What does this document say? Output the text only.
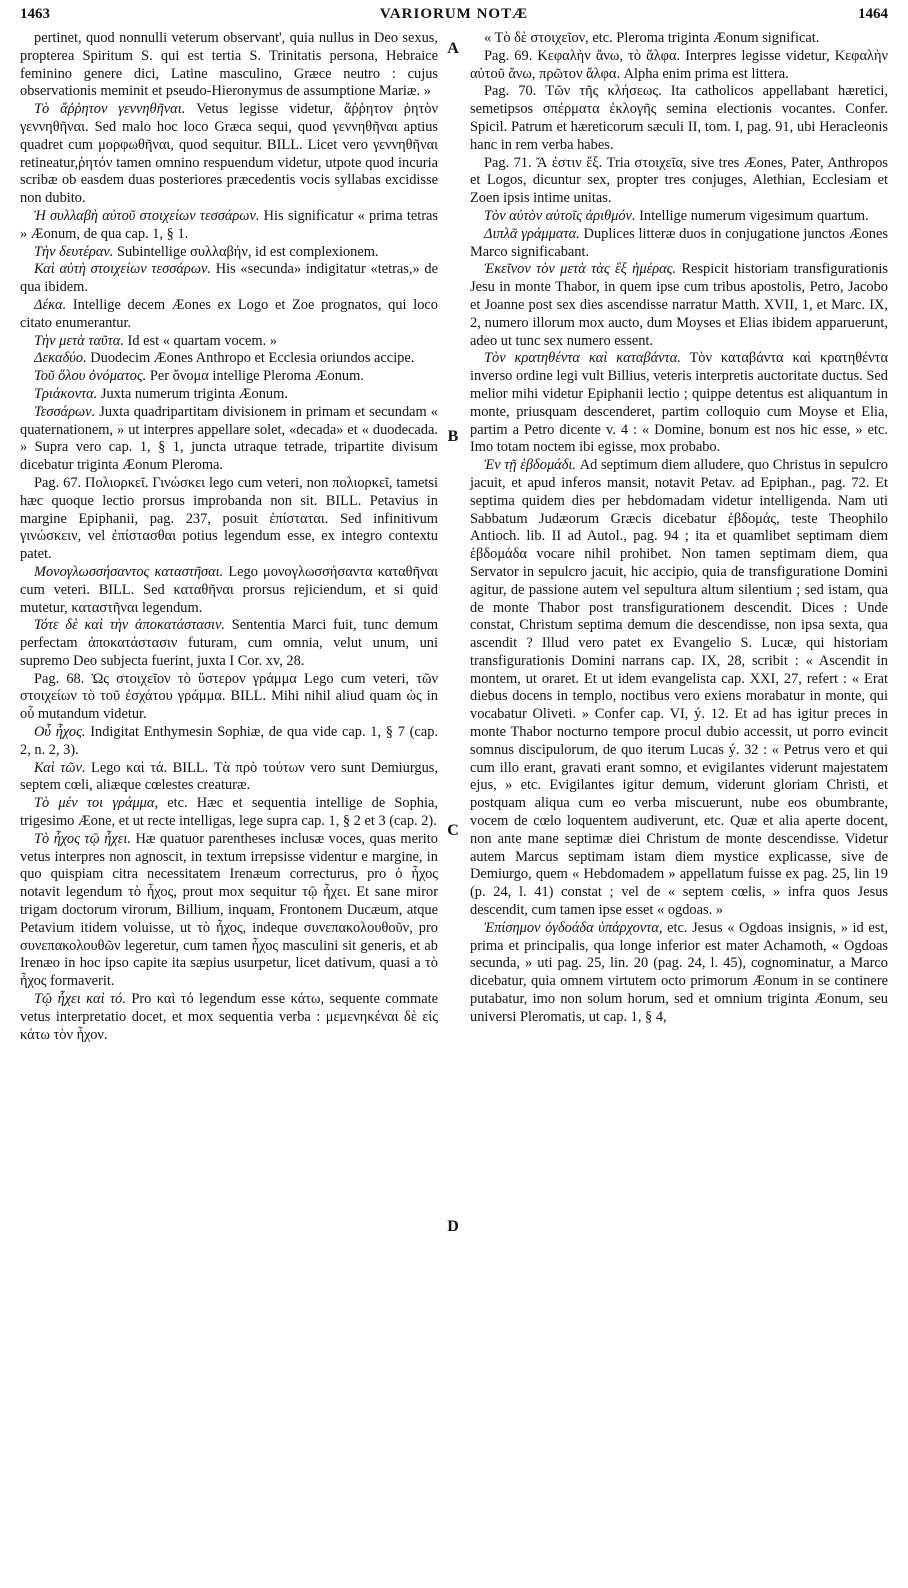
1463	VARIORUM NOTÆ	1464
A
B
C
D

pertinet, quod nonnulli veterum observant', quia nullus in Deo sexus, propterea Spiritum S. qui est tertia S. Trinitatis persona, Hebraice feminino genere dici, Latine masculino, Græce neutro : cujus observationis meminit et pseudo-Hieronymus de assumptione Mariæ. »

Τὸ ἄῤῥητον γεννηθῆναι. Vetus legisse videtur, ἄῤῥητον ῥητὸν γεννηθῆναι. Sed malo hoc loco Græca sequi, quod γεννηθῆναι aptius quadret cum μορφωθῆναι, quod sequitur. BILL. Licet vero γεννηθῆναι retineatur,ῥητόν tamen omnino respuendum videtur, utpote quod incuria scribæ ob easdem duas posteriores præcedentis vocis syllabas excidisse non dubito.

Ἡ συλλαβὴ αὐτοῦ στοιχείων τεσσάρων. His significatur « prima tetras » Æonum, de qua cap. 1, § 1.

Τὴν δευτέραν. Subintellige συλλαβήν, id est complexionem.

Καὶ αὐτὴ στοιχείων τεσσάρων. His «secunda» indigitatur «tetras,» de qua ibidem.

Δέκα. Intellige decem Æones ex Logo et Zoe prognatos, qui loco citato enumerantur.

Τὴν μετὰ ταῦτα. Id est « quartam vocem. »

Δεκαδύο. Duodecim Æones Anthropo et Ecclesia oriundos accipe.

Τοῦ ὅλου ὀνόματος. Per ὄνομα intellige Pleroma Æonum.

Τριάκοντα. Juxta numerum triginta Æonum.

Τεσσάρων. Juxta quadripartitam divisionem in primam et secundam « quaternationem, » ut interpres appellare solet, «decada» et « duodecada. » Supra vero cap. 1, § 1, juncta utraque tetrade, tripartite divisum dicebatur triginta Æonum Pleroma.

Pag. 67. Πολιορκεῖ. Γινώσκει lego cum veteri, non πολιορκεῖ, tametsi hæc quoque lectio prorsus improbanda non sit. BILL. Petavius in margine Epiphanii, pag. 237, posuit ἐπίσταται. Sed infinitivum γινώσκειν, vel ἐπίστασθαι potius legendum esse, ex integro contextu patet.

Μονογλωσσήσαντος καταστῆσαι. Lego μονογλωσσήσαντα καταθῆναι cum veteri. BILL. Sed καταθῆναι prorsus rejiciendum, et si quid mutetur, καταστῆναι legendum.

Τότε δὲ καὶ τὴν ἀποκατάστασιν. Sententia Marci fuit, tunc demum perfectam ἀποκατάστασιν futuram, cum omnia, velut unum, uni supremo Deo subjecta fuerint, juxta I Cor. xv, 28.

Pag. 68. Ὡς στοιχεῖον τὸ ὕστερον γράμμα Lego cum veteri, τῶν στοιχείων τὸ τοῦ ἐσχάτου γράμμα. BILL. Mihi nihil aliud quam ὡς in οὗ mutandum videtur.

Οὗ ἦχος. Indigitat Enthymesin Sophiæ, de qua vide cap. 1, § 7 (cap. 2, n. 2, 3).

Καὶ τῶν. Lego καὶ τά. BILL. Τὰ πρὸ τούτων vero sunt Demiurgus, septem cœli, aliæque cœlestes creaturæ.

Τὸ μέν τοι γράμμα, etc. Hæc et sequentia intellige de Sophia, trigesimo Æone, et ut recte intelligas, lege supra cap. 1, § 2 et 3 (cap. 2).

Τὸ ἦχος τῷ ἦχει. Hæ quatuor parentheses inclusæ voces, quas merito vetus interpres non agnoscit, in textum irrepsisse videntur e margine, in quo quispiam citra necessitatem Irenæum correcturus, pro ὁ ἦχος notavit legendum τὸ ἦχος, prout mox sequitur τῷ ἦχει. Et sane miror trigam doctorum virorum, Billium, inquam, Frontonem Ducæum, atque Petavium itidem voluisse, ut τὸ ἦχος, indeque συνεπακολουθοῦν, pro συνεπακολουθῶν legeretur, cum tamen ἦχος masculini sit generis, et ab Irenæo in hoc ipso capite ita sæpius usurpetur, licet dativum, quasi a τὸ ἦχος formaverit.

Τῷ ἦχει καὶ τό. Pro καὶ τό legendum esse κάτω, sequente commate vetus interpretatio docet, et mox sequentia verba : μεμενηκέναι δὲ εἰς κάτω τὸν ἦχον.

« Τὸ δὲ στοιχεῖον, etc. Pleroma triginta Æonum significat.

Pag. 69. Κεφαλὴν ἄνω, τὸ ἄλφα. Interpres legisse videtur, Κεφαλὴν αὐτοῦ ἄνω, πρῶτον ἄλφα. Alpha enim prima est littera.

Pag. 70. Τῶν τῆς κλήσεως. Ita catholicos appellabant hæretici, semetipsos σπέρματα ἐκλογῆς semina electionis vocantes. Confer. Spicil. Patrum et hæreticorum sæculi II, tom. I, pag. 91, ubi Heracleonis hanc in rem verba habes.

Pag. 71. Ἄ ἐστιν ἕξ. Tria στοιχεῖα, sive tres Æones, Pater, Anthropos et Logos, dicuntur sex, propter tres conjuges, Alethian, Ecclesiam et Zoen ipsis intime unitas.

Τὸν αὐτὸν αὐτοῖς ἀριθμόν. Intellige numerum vigesimum quartum.

Διπλᾶ γράμματα. Duplices litteræ duos in conjugatione junctos Æones Marco significabant.

Ἐκεῖνον τὸν μετὰ τὰς ἓξ ἡμέρας. Respicit historiam transfigurationis Jesu in monte Thabor, in quem ipse cum tribus apostolis, Petro, Jacobo et Joanne post sex dies ascendisse narratur Matth. XVII, 1, et Marc. IX, 2, numero illorum mox aucto, dum Moyses et Elias ibidem apparuerunt, adeo ut tunc sex numero essent.

Τὸν κρατηθέντα καὶ καταβάντα. Τὸν καταβάντα καὶ κρατηθέντα inverso ordine legi vult Billius, veteris interpretis auctoritate ductus. Sed melior mihi videtur Epiphanii lectio ; quippe detentus est aliquantum in monte, priusquam descenderet, partim colloquio cum Moyse et Elia, partim a Petro dicente v. 4 : « Domine, bonum est nos hic esse, » etc. Imo totam noctem ibi egisse, mox probabo.

Ἐν τῇ ἑβδομάδι. Ad septimum diem alludere, quo Christus in sepulcro jacuit, et apud inferos mansit, notavit Petav. ad Epiphan., pag. 72. Et septima quidem dies per hebdomadam videtur intelligenda. Nam uti Sabbatum Judæorum Græcis dicebatur ἑβδομάς, teste Theophilo Antioch. lib. II ad Autol., pag. 94 ; ita et quamlibet septimam diem ἑβδομάδα vocare nihil prohibet. Non tamen septimam diem, qua Servator in sepulcro jacuit, hic accipio, quia de transfiguratione Domini agitur, de passione autem vel sepultura altum silentium ; sed istam, qua de monte Thabor post transfigurationem descendit. Dices : Unde constat, Christum septima demum die descendisse, non ipsa sexta, qua ascendit ? Illud vero patet ex Evangelio S. Lucæ, qui historiam transfigurationis Domini narrans cap. IX, 28, scribit : « Ascendit in montem, ut oraret. Et ut idem evangelista cap. XXI, 27, refert : « Erat diebus docens in templo, noctibus vero exiens morabatur in monte, qui vocabatur Oliveti. » Confer cap. VI, ý. 12. Et ad has igitur preces in monte Thabor nocturno tempore procul dubio accessit, ut porro evincit somnus discipulorum, de quo iterum Lucas ý. 32 : « Petrus vero et qui cum illo erant, gravati erant somno, et evigilantes viderunt majestatem ejus, » etc. Evigilantes igitur demum, viderunt gloriam Christi, et postquam aliqua cum eo verba miscuerunt, nube eos obumbrante, vocem de cœlo loquentem audiverunt, etc. Quæ et alia aperte docent, non ante mane septimæ diei Christum de monte descendisse. Videtur autem Marcus septimam istam diem mystice explicasse, sive de Demiurgo, quem « Hebdomadem » appellatum fuisse ex pag. 25, lin 19 (p. 24, l. 41) constat ; vel de « septem cœlis, » infra quos Jesus descendit, cum tamen ipse esset « ogdoas. »

Ἐπίσημον ὀγδοάδα ὑπάρχοντα, etc. Jesus « Ogdoas insignis, » id est, prima et principalis, qua longe inferior est mater Achamoth, « Ogdoas secunda, » uti pag. 25, lin. 20 (pag. 24, l. 45), cognominatur, a Marco dicebatur, quia omnem virtutem octo primorum Æonum in se continere putabatur, imo non solum horum, sed et omnium triginta Æonum, seu universi Pleromatis, ut cap. 1, § 4,
